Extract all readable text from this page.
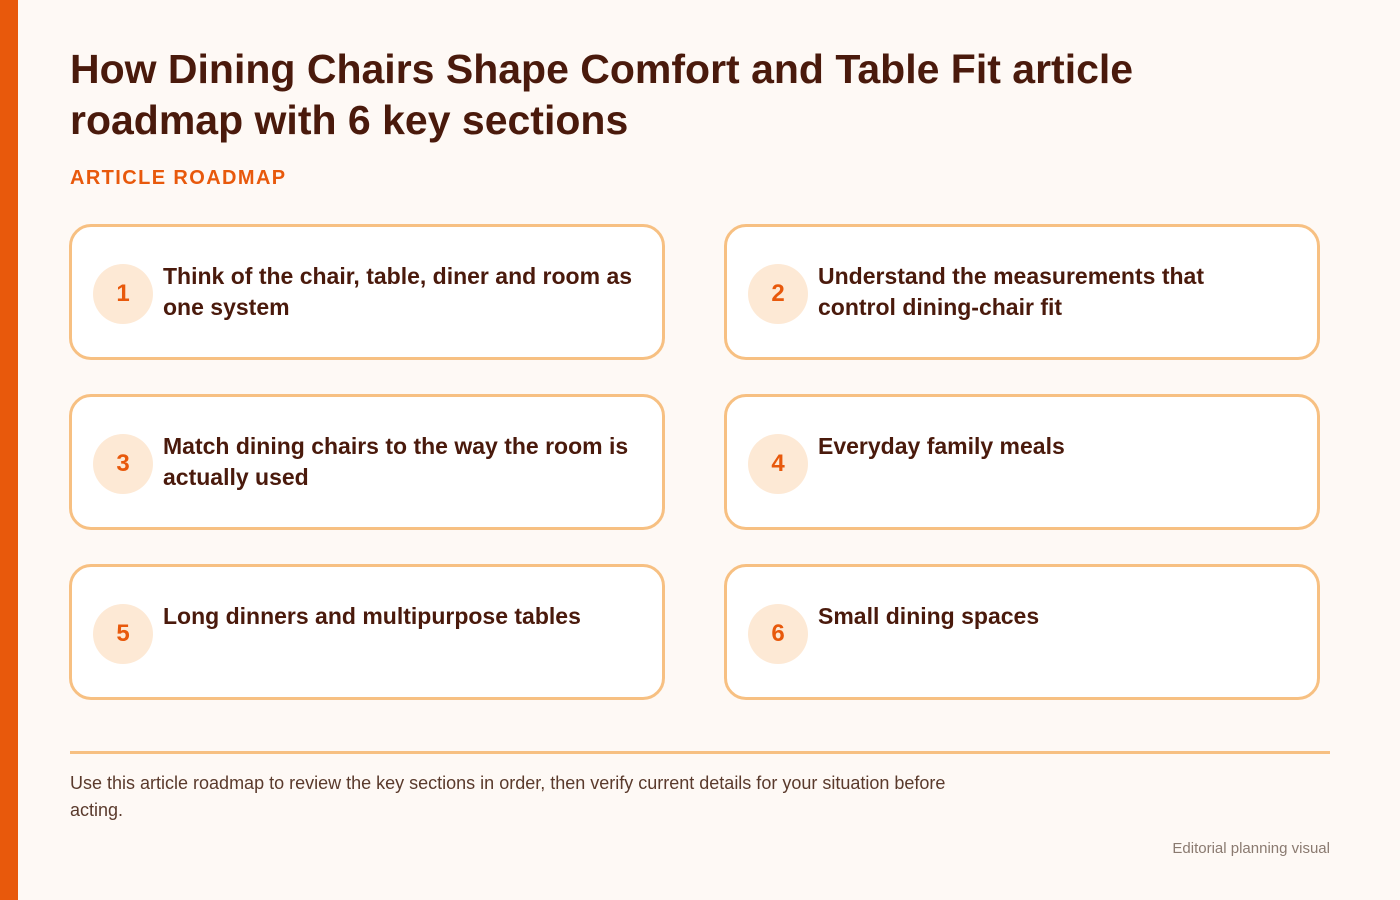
How Dining Chairs Shape Comfort and Table Fit article roadmap with 6 key sections
ARTICLE ROADMAP
1
Think of the chair, table, diner and room as one system	2
Understand the measurements that control dining-chair fit
3
Match dining chairs to the way the room is actually used	4
Everyday family meals
5
Long dinners and multipurpose tables
6
Small dining spaces

Use this article roadmap to review the key sections in order, then verify current details for your situation before acting.

Editorial planning visual
